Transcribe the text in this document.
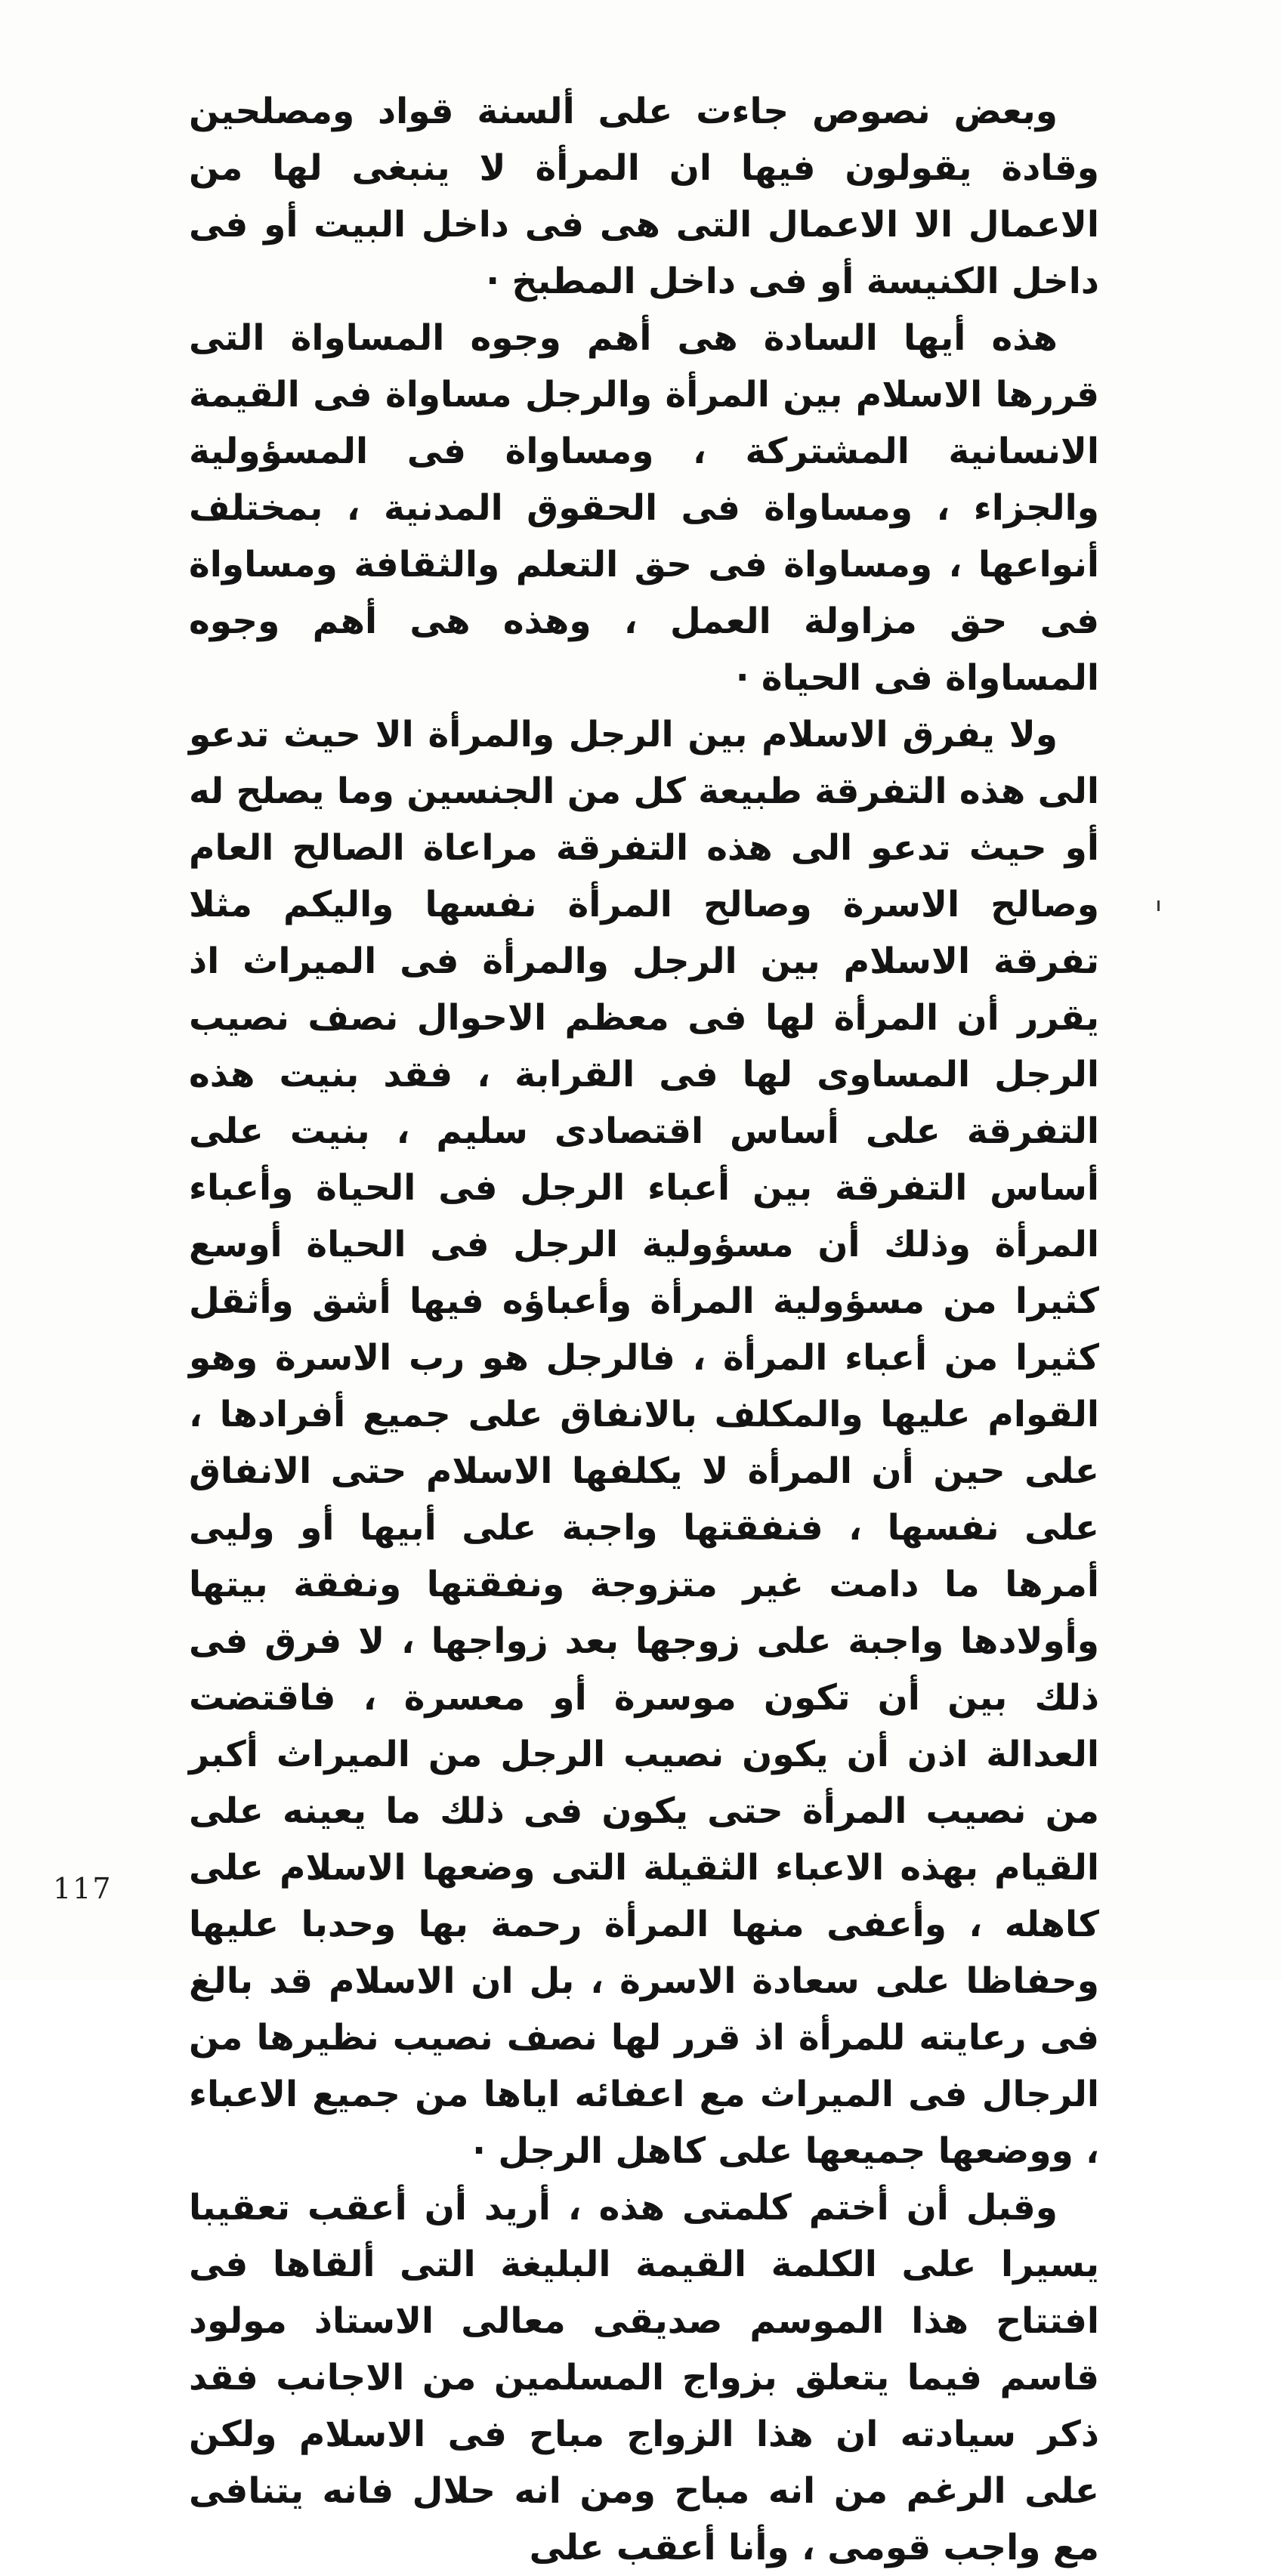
وبعض نصوص جاءت على ألسنة قواد ومصلحين وقادة يقولون فيها ان المرأة لا ينبغى لها من الاعمال الا الاعمال التى هى فى داخل البيت أو فى داخل الكنيسة أو فى داخل المطبخ ·

هذه أيها السادة هى أهم وجوه المساواة التى قررها الاسلام بين المرأة والرجل مساواة فى القيمة الانسانية المشتركة ، ومساواة فى المسؤولية والجزاء ، ومساواة فى الحقوق المدنية ، بمختلف أنواعها ، ومساواة فى حق التعلم والثقافة ومساواة فى حق مزاولة العمل ، وهذه هى أهم وجوه المساواة فى الحياة ·

ولا يفرق الاسلام بين الرجل والمرأة الا حيث تدعو الى هذه التفرقة طبيعة كل من الجنسين وما يصلح له أو حيث تدعو الى هذه التفرقة مراعاة الصالح العام وصالح الاسرة وصالح المرأة نفسها واليكم مثلا تفرقة الاسلام بين الرجل والمرأة فى الميراث اذ يقرر أن المرأة لها فى معظم الاحوال نصف نصيب الرجل المساوى لها فى القرابة ، فقد بنيت هذه التفرقة على أساس اقتصادى سليم ، بنيت على أساس التفرقة بين أعباء الرجل فى الحياة وأعباء المرأة وذلك أن مسؤولية الرجل فى الحياة أوسع كثيرا من مسؤولية المرأة وأعباؤه فيها أشق وأثقل كثيرا من أعباء المرأة ، فالرجل هو رب الاسرة وهو القوام عليها والمكلف بالانفاق على جميع أفرادها ، على حين أن المرأة لا يكلفها الاسلام حتى الانفاق على نفسها ، فنفقتها واجبة على أبيها أو وليى أمرها ما دامت غير متزوجة ونفقتها ونفقة بيتها وأولادها واجبة على زوجها بعد زواجها ، لا فرق فى ذلك بين أن تكون موسرة أو معسرة ، فاقتضت العدالة اذن أن يكون نصيب الرجل من الميراث أكبر من نصيب المرأة حتى يكون فى ذلك ما يعينه على القيام بهذه الاعباء الثقيلة التى وضعها الاسلام على كاهله ، وأعفى منها المرأة رحمة بها وحدبا عليها وحفاظا على سعادة الاسرة ، بل ان الاسلام قد بالغ فى رعايته للمرأة اذ قرر لها نصف نصيب نظيرها من الرجال فى الميراث مع اعفائه اياها من جميع الاعباء ، ووضعها جميعها على كاهل الرجل ·

وقبل أن أختم كلمتى هذه ، أريد أن أعقب تعقيبا يسيرا على الكلمة القيمة البليغة التى ألقاها فى افتتاح هذا الموسم صديقى معالى الاستاذ مولود قاسم فيما يتعلق بزواج المسلمين من الاجانب فقد ذكر سيادته ان هذا الزواج مباح فى الاسلام ولكن على الرغم من انه مباح ومن انه حلال فانه يتنافى مع واجب قومى ، وأنا أعقب على

117
